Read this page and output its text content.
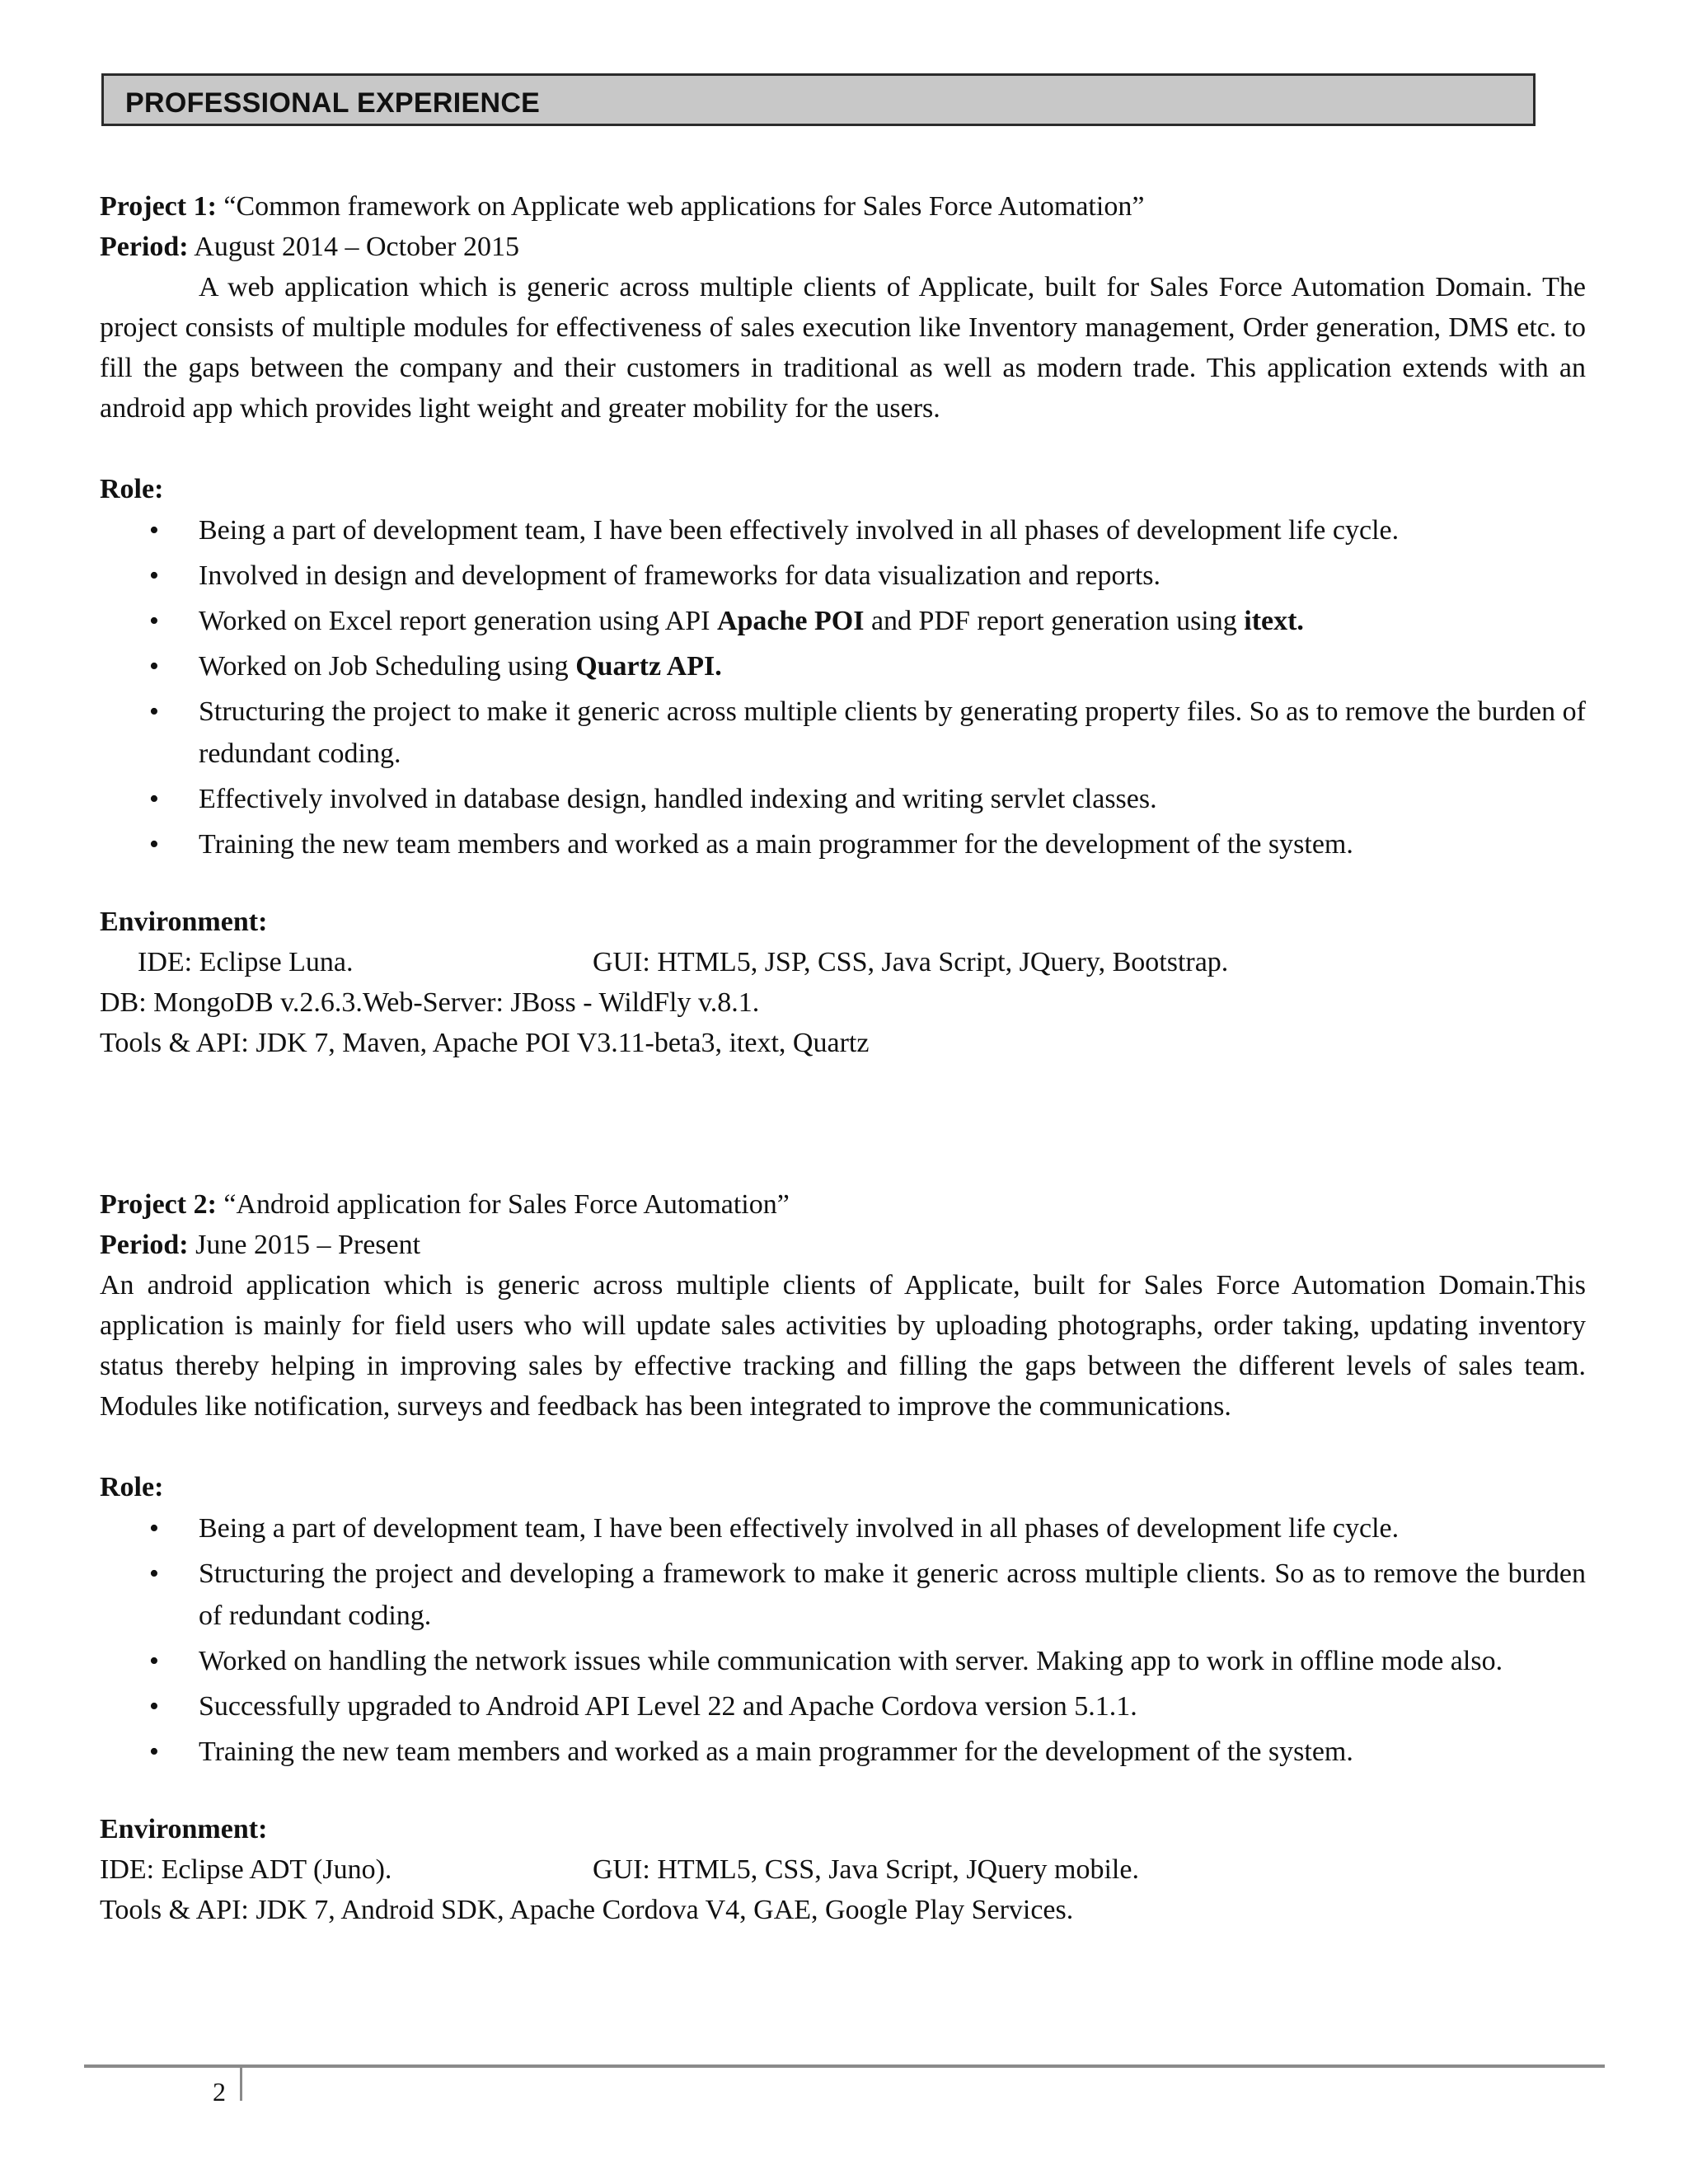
PROFESSIONAL EXPERIENCE

Project 1: “Common framework on Applicate web applications for Sales Force Automation”

Period: August 2014 – October 2015

A web application which is generic across multiple clients of Applicate, built for Sales Force Automation Domain. The project consists of multiple modules for effectiveness of sales execution like Inventory management, Order generation, DMS etc. to fill the gaps between the company and their customers in traditional as well as modern trade. This application extends with an android app which provides light weight and greater mobility for the users.

Role:

• Being a part of development team, I have been effectively involved in all phases of development life cycle.
• Involved in design and development of frameworks for data visualization and reports.
• Worked on Excel report generation using API Apache POI and PDF report generation using itext.
• Worked on Job Scheduling using Quartz API.
• Structuring the project to make it generic across multiple clients by generating property files. So as to remove the burden of redundant coding.
• Effectively involved in database design, handled indexing and writing servlet classes.
• Training the new team members and worked as a main programmer for the development of the system.

Environment:

IDE: Eclipse Luna.	GUI: HTML5, JSP, CSS, Java Script, JQuery, Bootstrap.

DB: MongoDB v.2.6.3.Web-Server: JBoss - WildFly v.8.1.

Tools & API: JDK 7, Maven, Apache POI V3.11-beta3, itext, Quartz

Project 2: “Android application for Sales Force Automation”

Period: June 2015 – Present

An android application which is generic across multiple clients of Applicate, built for Sales Force Automation Domain.This application is mainly for field users who will update sales activities by uploading photographs, order taking, updating inventory status thereby helping in improving sales by effective tracking and filling the gaps between the different levels of sales team. Modules like notification, surveys and feedback has been integrated to improve the communications.

Role:

• Being a part of development team, I have been effectively involved in all phases of development life cycle.
• Structuring the project and developing a framework to make it generic across multiple clients. So as to remove the burden of redundant coding.
• Worked on handling the network issues while communication with server. Making app to work in offline mode also.
• Successfully upgraded to Android API Level 22 and Apache Cordova version 5.1.1.
• Training the new team members and worked as a main programmer for the development of the system.

Environment:

IDE: Eclipse ADT (Juno).	GUI: HTML5, CSS, Java Script, JQuery mobile.

Tools & API: JDK 7, Android SDK, Apache Cordova V4, GAE, Google Play Services.

2
